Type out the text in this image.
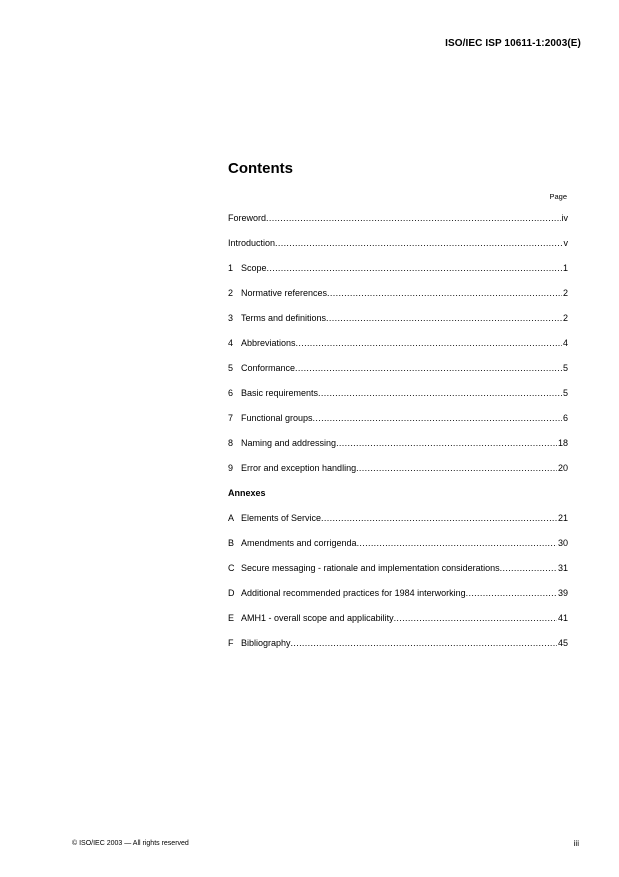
ISO/IEC ISP 10611-1:2003(E)
Contents
Page
Foreword .....	iv
Introduction .....	v
1 Scope .....	1
2 Normative references .....	2
3 Terms and definitions .....	2
4 Abbreviations .....	4
5 Conformance .....	5
6 Basic requirements .....	5
7 Functional groups .....	6
8 Naming and addressing .....	18
9 Error and exception handling .....	20
Annexes
A Elements of Service .....	21
B Amendments and corrigenda .....	30
C Secure messaging - rationale and implementation considerations .....	31
D Additional recommended practices for 1984 interworking .....	39
E AMH1 - overall scope and applicability .....	41
F Bibliography .....	45
© ISO/IEC 2003 — All rights reserved	iii
